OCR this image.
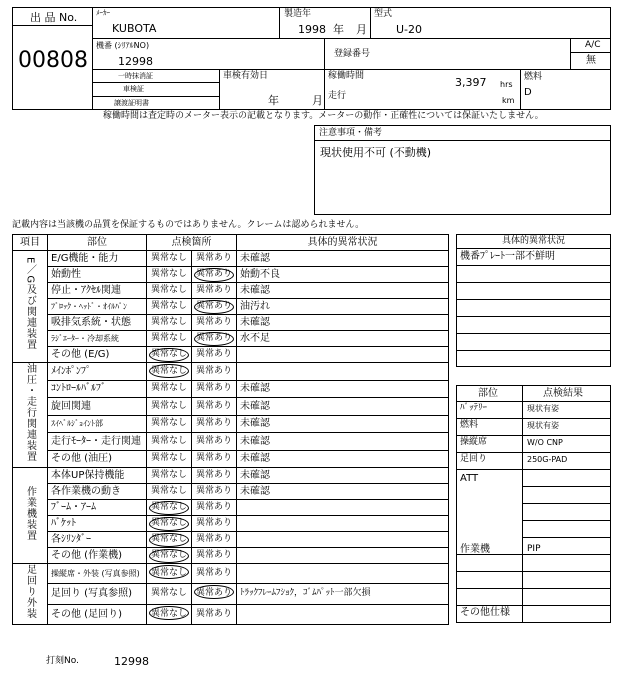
出 品 No.
00808
ﾒｰｶｰ
KUBOTA
製造年
1998 年 月
型式
U-20
機番 (ｼﾘｱﾙNO)
12998
登録番号
A/C
無
一時抹消証
車検証
譲渡証明書
車検有効日
年	月
稼働時間	3,397 hrs
走行	km
燃料
D
稼働時間は査定時のメーター表示の記載となります。メーターの動作・正確性については保証いたしません。
注意事項・備考
現状使用不可 (不動機)
記載内容は当該機の品質を保証するものではありません。クレームは認められません。
項目	部位	点検箇所		具体的異常状況
E／G及び関連装置	E/G機能・能力	異常なし	異常あり	未確認
	始動性	異常なし	異常あり	始動不良
	停止・ｱｸｾﾙ関連	異常なし	異常あり	未確認
	ﾌﾞﾛｯｸ・ﾍｯﾄﾞ・ｵｲﾙﾊﾟﾝ	異常なし	異常あり	油汚れ
	吸排気系統・状態	異常なし	異常あり	未確認
	ﾗｼﾞｴｰﾀｰ・冷却系統	異常なし	異常あり	水不足
	その他 (E/G)	異常なし	異常あり	
油圧・走行関連装置	ﾒｲﾝﾎﾟﾝﾌﾟ	異常なし	異常あり	
	ｺﾝﾄﾛｰﾙﾊﾞﾙﾌﾞ	異常なし	異常あり	未確認
	旋回関連	異常なし	異常あり	未確認
	ｽｲﾍﾞﾙｼﾞｮｲﾝﾄ部	異常なし	異常あり	未確認
	走行ﾓｰﾀｰ・走行関連	異常なし	異常あり	未確認
	その他 (油圧)	異常なし	異常あり	未確認
作業機装置	本体UP保持機能	異常なし	異常あり	未確認
	各作業機の動き	異常なし	異常あり	未確認
	ﾌﾞｰﾑ・ｱｰﾑ	異常なし	異常あり	
	ﾊﾞｹｯﾄ	異常なし	異常あり	
	各ｼﾘﾝﾀﾞｰ	異常なし	異常あり	
	その他 (作業機)	異常なし	異常あり	
足回り外装	操縦席・外装 (写真参照)	異常なし	異常あり	
	足回り (写真参照)	異常なし	異常あり	ﾄﾗｯｸﾌﾚｰﾑﾌｼｮｸ，ｺﾞﾑﾊﾟｯﾄ一部欠損
	その他 (足回り)	異常なし	異常あり	
具体的異常状況
機番ﾌﾟﾚｰﾄ一部不鮮明
部位	点検結果
ﾊﾞｯﾃﾘｰ	現状有姿
燃料	現状有姿
操縦席	W/O CNP
足回り	250G-PAD
ATT
作業機	PIP
その他仕様
打刻No.	12998
